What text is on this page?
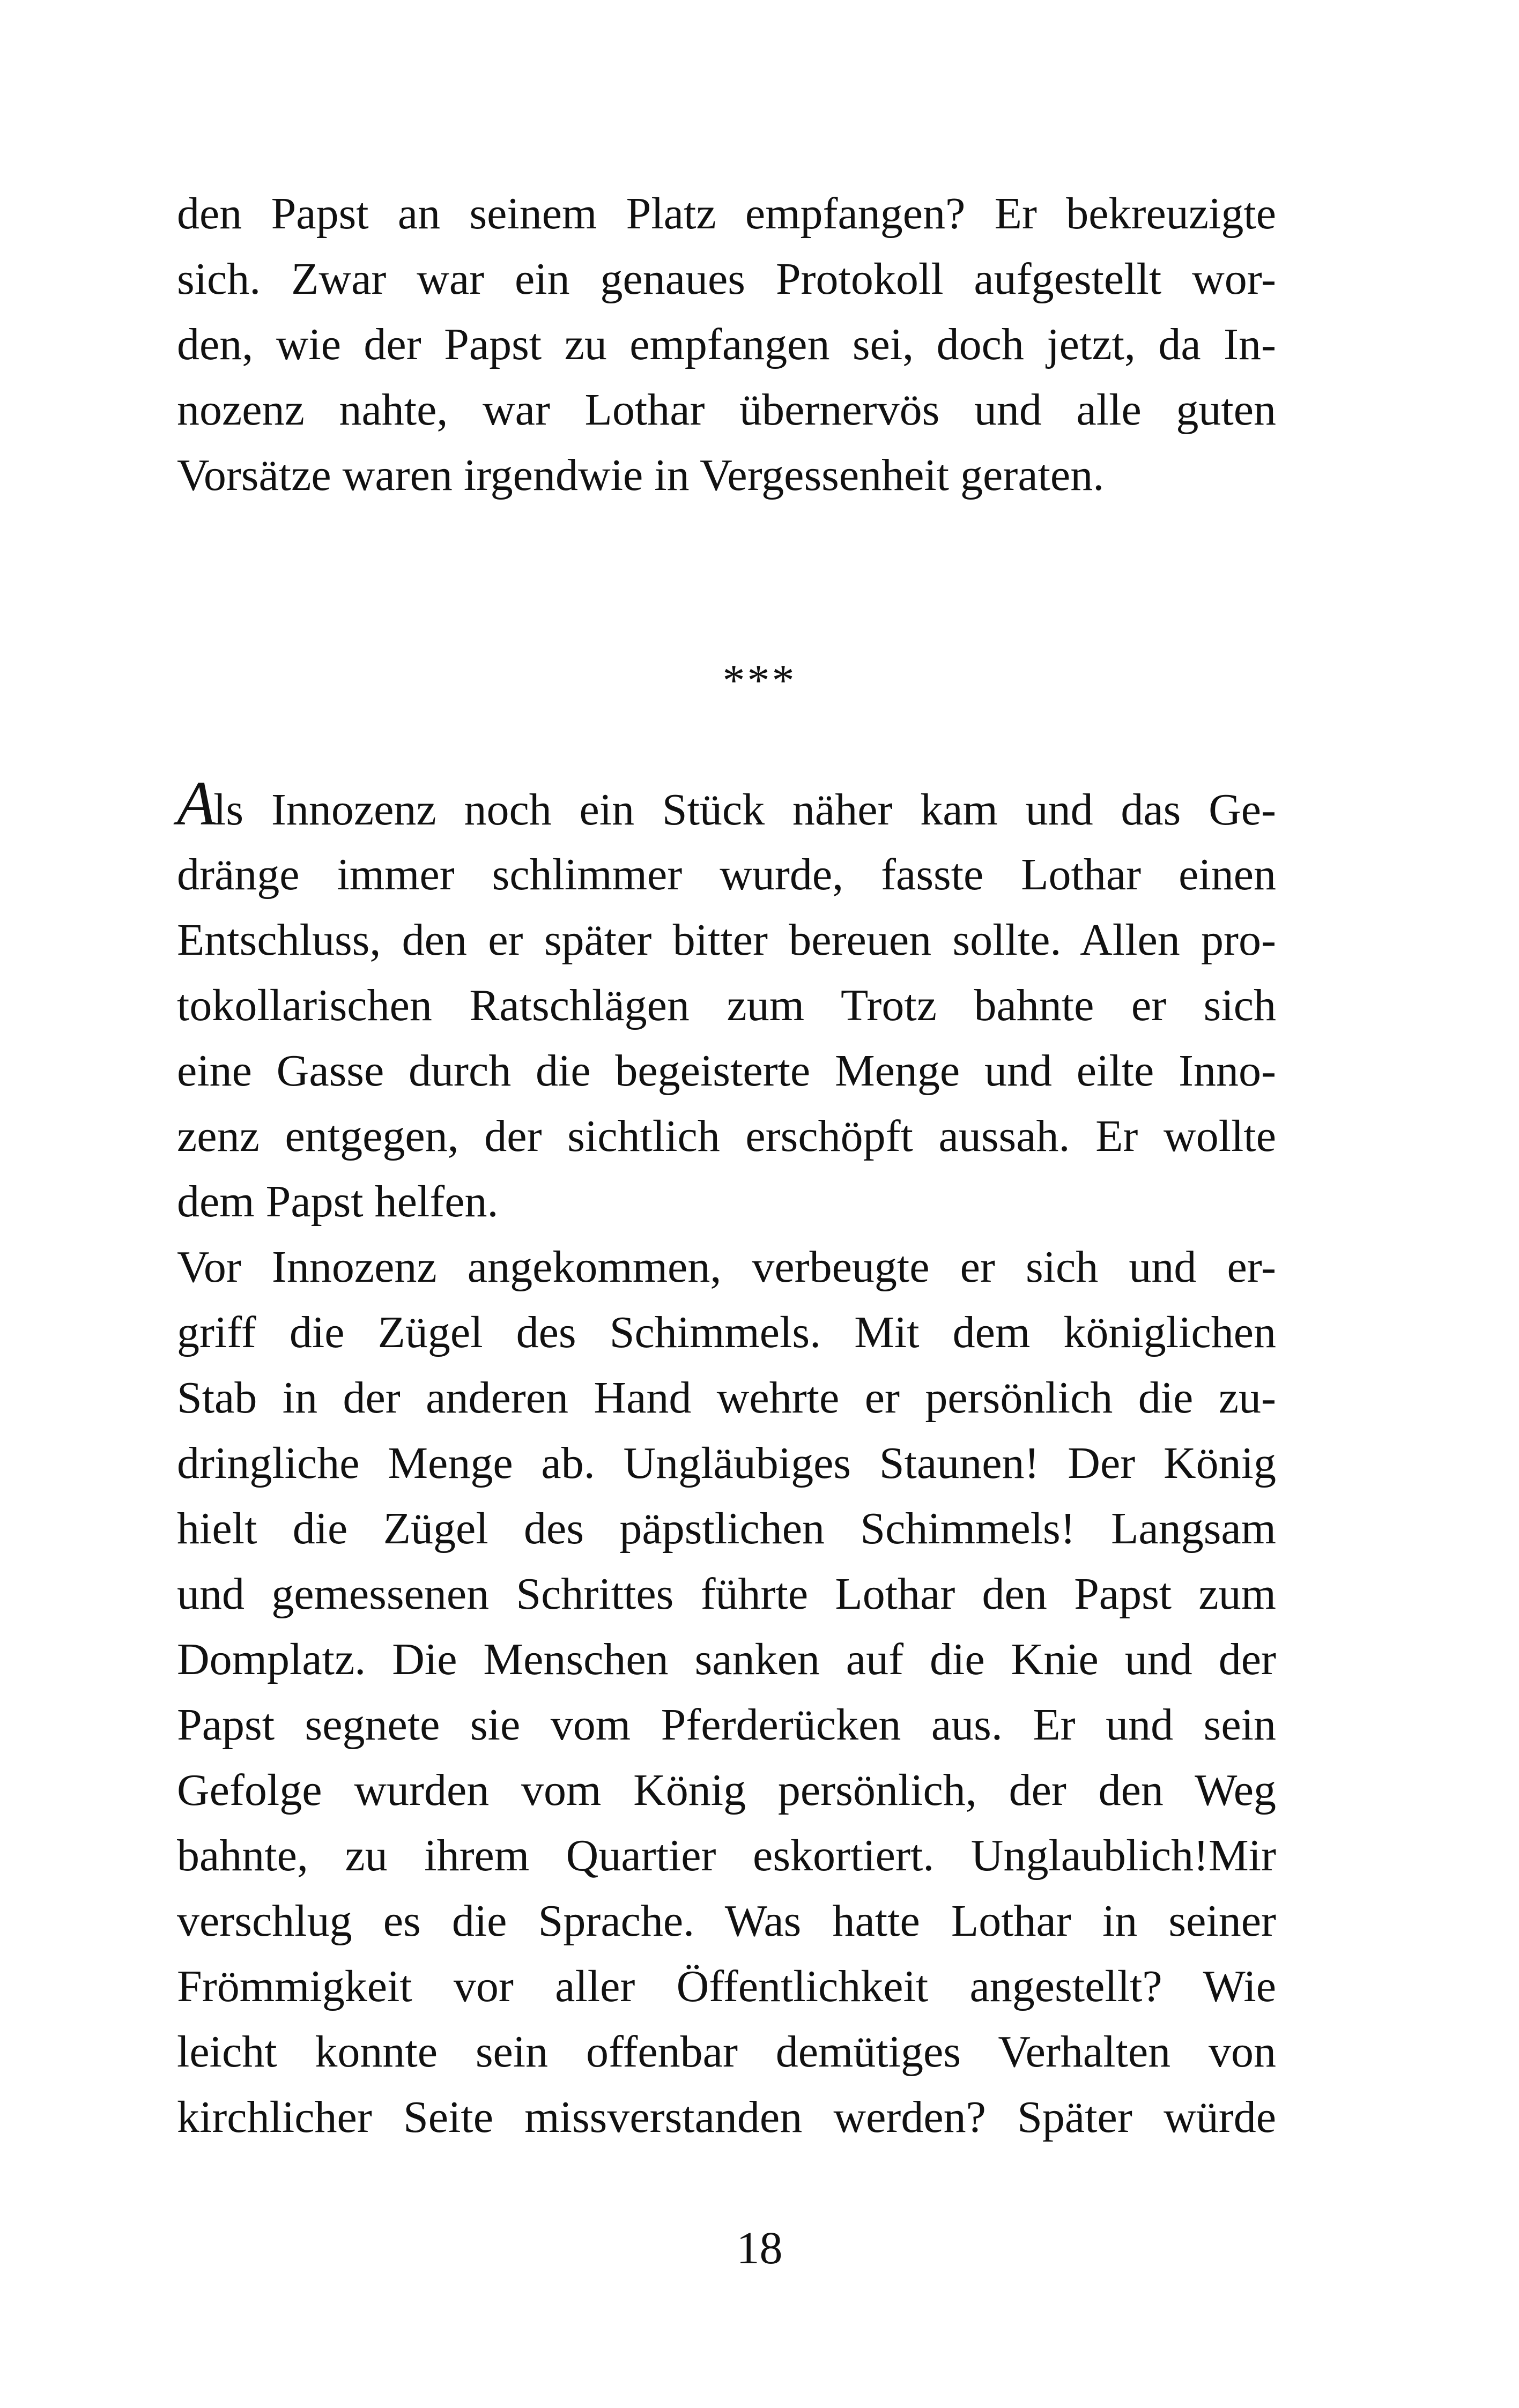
den Papst an seinem Platz empfangen? Er bekreuzigte
sich. Zwar war ein genaues Protokoll aufgestellt wor-
den, wie der Papst zu empfangen sei, doch jetzt, da In-
nozenz nahte, war Lothar übernervös und alle guten
Vorsätze waren irgendwie in Vergessenheit geraten.
***
Als Innozenz noch ein Stück näher kam und das Ge-
dränge immer schlimmer wurde, fasste Lothar einen
Entschluss, den er später bitter bereuen sollte. Allen pro-
tokollarischen Ratschlägen zum Trotz bahnte er sich
eine Gasse durch die begeisterte Menge und eilte Inno-
zenz entgegen, der sichtlich erschöpft aussah. Er wollte
dem Papst helfen.
Vor Innozenz angekommen, verbeugte er sich und er-
griff die Zügel des Schimmels. Mit dem königlichen
Stab in der anderen Hand wehrte er persönlich die zu-
dringliche Menge ab. Ungläubiges Staunen! Der König
hielt die Zügel des päpstlichen Schimmels! Langsam
und gemessenen Schrittes führte Lothar den Papst zum
Domplatz. Die Menschen sanken auf die Knie und der
Papst segnete sie vom Pferderücken aus. Er und sein
Gefolge wurden vom König persönlich, der den Weg
bahnte, zu ihrem Quartier eskortiert. Unglaublich!Mir
verschlug es die Sprache. Was hatte Lothar in seiner
Frömmigkeit vor aller Öffentlichkeit angestellt? Wie
leicht konnte sein offenbar demütiges Verhalten von
kirchlicher Seite missverstanden werden? Später würde
18
